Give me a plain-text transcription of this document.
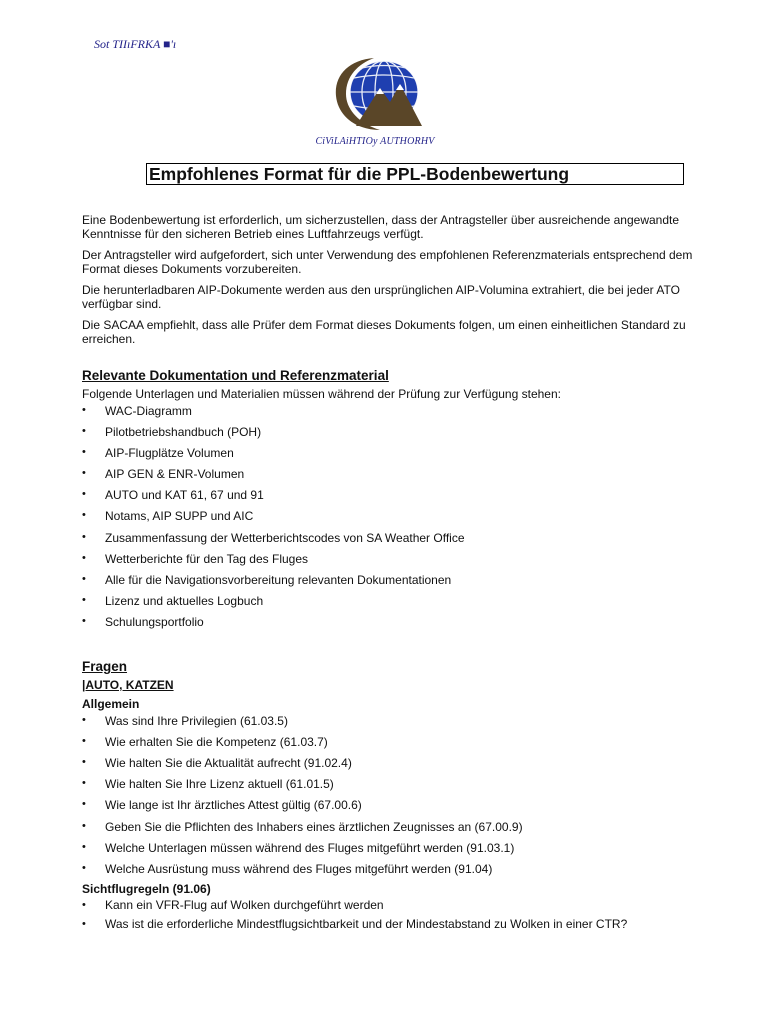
Sot TIIıFRKA ■'ı
CiViLAiHTIOy AUTHORHV
Empfohlenes Format für die PPL-Bodenbewertung

Eine Bodenbewertung ist erforderlich, um sicherzustellen, dass der Antragsteller über ausreichende angewandte Kenntnisse für den sicheren Betrieb eines Luftfahrzeugs verfügt.

Der Antragsteller wird aufgefordert, sich unter Verwendung des empfohlenen Referenzmaterials entsprechend dem Format dieses Dokuments vorzubereiten.

Die herunterladbaren AIP-Dokumente werden aus den ursprünglichen AIP-Volumina extrahiert, die bei jeder ATO verfügbar sind.

Die SACAA empfiehlt, dass alle Prüfer dem Format dieses Dokuments folgen, um einen einheitlichen Standard zu erreichen.

Relevante Dokumentation und Referenzmaterial
Folgende Unterlagen und Materialien müssen während der Prüfung zur Verfügung stehen:
• WAC-Diagramm
• Pilotbetriebshandbuch (POH)
• AIP-Flugplätze Volumen
• AIP GEN & ENR-Volumen
• AUTO und KAT 61, 67 und 91
• Notams, AIP SUPP und AIC
• Zusammenfassung der Wetterberichtscodes von SA Weather Office
• Wetterberichte für den Tag des Fluges
• Alle für die Navigationsvorbereitung relevanten Dokumentationen
• Lizenz und aktuelles Logbuch
• Schulungsportfolio
Fragen
|AUTO, KATZEN
Allgemein
• Was sind Ihre Privilegien (61.03.5)
• Wie erhalten Sie die Kompetenz (61.03.7)
• Wie halten Sie die Aktualität aufrecht (91.02.4)
• Wie halten Sie Ihre Lizenz aktuell (61.01.5)
• Wie lange ist Ihr ärztliches Attest gültig (67.00.6)
• Geben Sie die Pflichten des Inhabers eines ärztlichen Zeugnisses an (67.00.9)
• Welche Unterlagen müssen während des Fluges mitgeführt werden (91.03.1)
• Welche Ausrüstung muss während des Fluges mitgeführt werden (91.04)
Sichtflugregeln (91.06)
• Kann ein VFR-Flug auf Wolken durchgeführt werden
• Was ist die erforderliche Mindestflugsichtbarkeit und der Mindestabstand zu Wolken in einer CTR?
